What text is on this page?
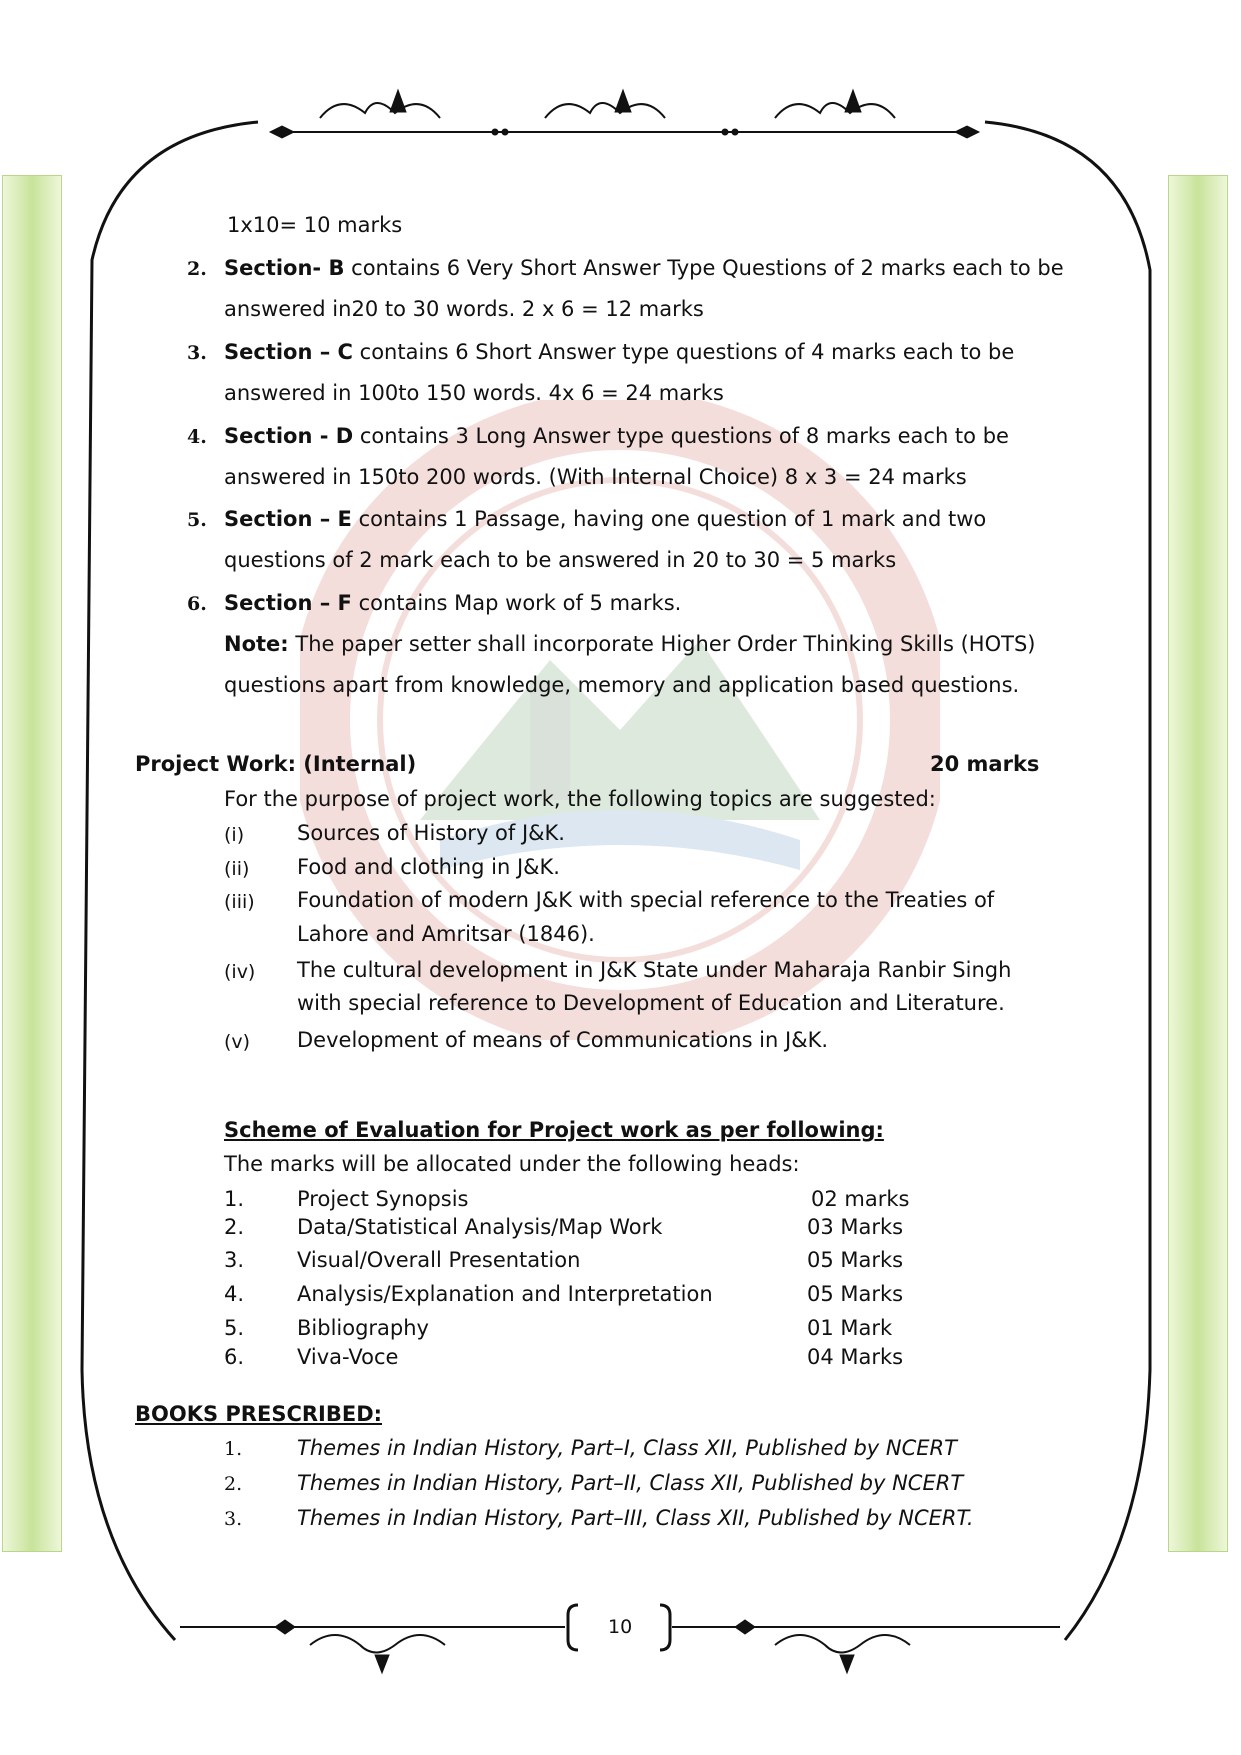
1x10= 10 marks
2. Section- B contains 6 Very Short Answer Type Questions of 2 marks each to be
answered in20 to 30 words. 2 x 6 = 12 marks
3. Section – C contains 6 Short Answer type questions of 4 marks each to be
answered in 100to 150 words. 4x 6 = 24 marks
4. Section - D contains 3 Long Answer type questions of 8 marks each to be
answered in 150to 200 words. (With Internal Choice) 8 x 3 = 24 marks
5. Section – E contains 1 Passage, having one question of 1 mark and two
questions of 2 mark each to be answered in 20 to 30 = 5 marks
6. Section – F contains Map work of 5 marks.
Note: The paper setter shall incorporate Higher Order Thinking Skills (HOTS)
questions apart from knowledge, memory and application based questions.
Project Work: (Internal)	20 marks
For the purpose of project work, the following topics are suggested:
(i)	Sources of History of J&K.
(ii) Food and clothing in J&K.
(iii) Foundation of modern J&K with special reference to the Treaties of
Lahore and Amritsar (1846).
(iv) The cultural development in J&K State under Maharaja Ranbir Singh
with special reference to Development of Education and Literature.
(v) Development of means of Communications in J&K.
Scheme of Evaluation for Project work as per following:
The marks will be allocated under the following heads:
1.	Project Synopsis	02 marks
2.	Data/Statistical Analysis/Map Work	03 Marks
3.	Visual/Overall Presentation	05 Marks
4.	Analysis/Explanation and Interpretation	05 Marks
5.	Bibliography	01 Mark
6.	Viva-Voce	04 Marks
BOOKS PRESCRIBED:
1.	Themes in Indian History, Part–I, Class XII, Published by NCERT
2.	Themes in Indian History, Part–II, Class XII, Published by NCERT
3.	Themes in Indian History, Part–III, Class XII, Published by NCERT.
10
